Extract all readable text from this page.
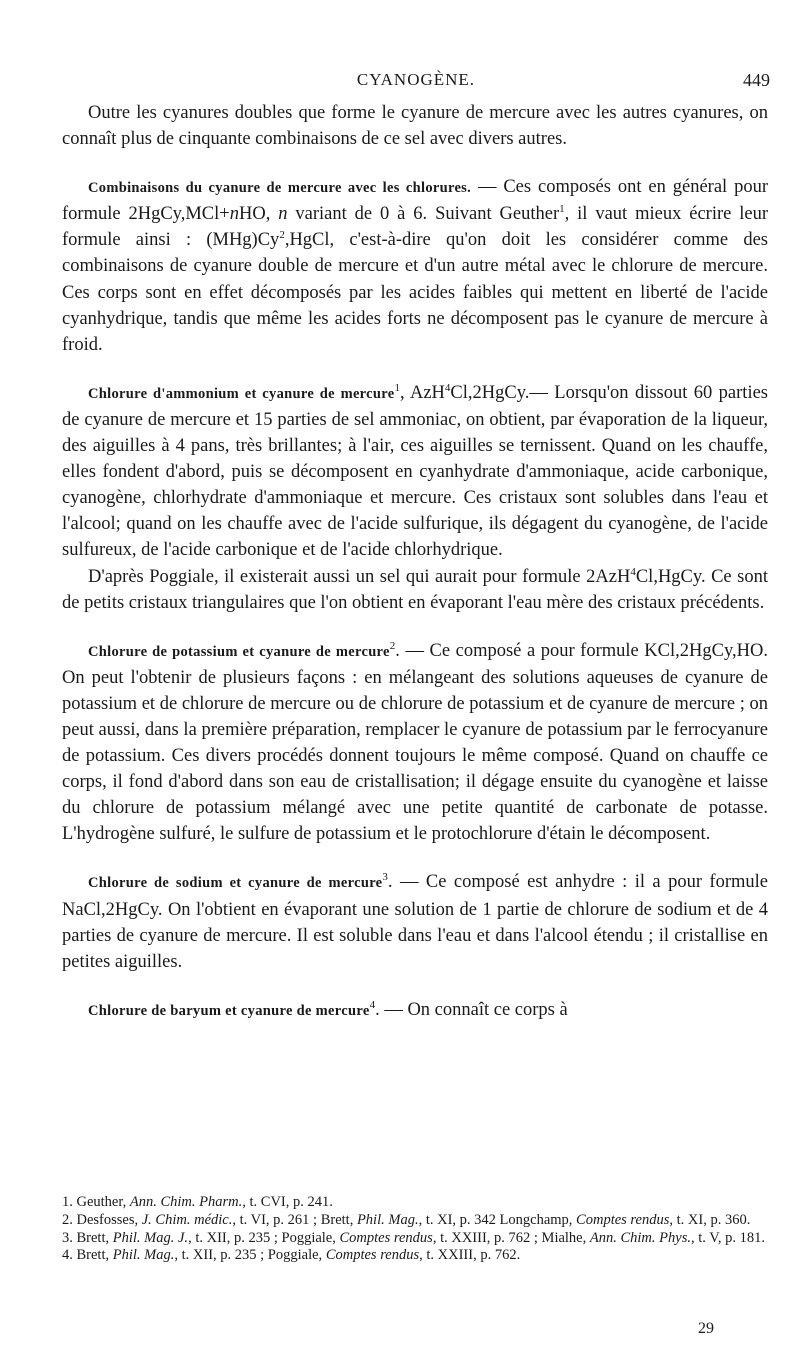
CYANOGÈNE.	449

Outre les cyanures doubles que forme le cyanure de mercure avec les autres cyanures, on connaît plus de cinquante combinaisons de ce sel avec divers autres.

Combinaisons du cyanure de mercure avec les chlorures. — Ces composés ont en général pour formule 2HgCy,MCl+nHO, n variant de 0 à 6. Suivant Geuther$^1$, il vaut mieux écrire leur formule ainsi : (MHg)Cy$^2$,HgCl, c'est-à-dire qu'on doit les considérer comme des combinaisons de cyanure double de mercure et d'un autre métal avec le chlorure de mercure. Ces corps sont en effet décomposés par les acides faibles qui mettent en liberté de l'acide cyanhydrique, tandis que même les acides forts ne décomposent pas le cyanure de mercure à froid.

Chlorure d'ammonium et cyanure de mercure$^1$, AzH$^4$Cl,2HgCy.— Lorsqu'on dissout 60 parties de cyanure de mercure et 15 parties de sel ammoniac, on obtient, par évaporation de la liqueur, des aiguilles à 4 pans, très brillantes; à l'air, ces aiguilles se ternissent. Quand on les chauffe, elles fondent d'abord, puis se décomposent en cyanhydrate d'ammoniaque, acide carbonique, cyanogène, chlorhydrate d'ammoniaque et mercure. Ces cristaux sont solubles dans l'eau et l'alcool; quand on les chauffe avec de l'acide sulfurique, ils dégagent du cyanogène, de l'acide sulfureux, de l'acide carbonique et de l'acide chlorhydrique.

D'après Poggiale, il existerait aussi un sel qui aurait pour formule 2AzH$^4$Cl,HgCy. Ce sont de petits cristaux triangulaires que l'on obtient en évaporant l'eau mère des cristaux précédents.

Chlorure de potassium et cyanure de mercure$^2$. — Ce composé a pour formule KCl,2HgCy,HO. On peut l'obtenir de plusieurs façons : en mélangeant des solutions aqueuses de cyanure de potassium et de chlorure de mercure ou de chlorure de potassium et de cyanure de mercure ; on peut aussi, dans la première préparation, remplacer le cyanure de potassium par le ferrocyanure de potassium. Ces divers procédés donnent toujours le même composé. Quand on chauffe ce corps, il fond d'abord dans son eau de cristallisation; il dégage ensuite du cyanogène et laisse du chlorure de potassium mélangé avec une petite quantité de carbonate de potasse. L'hydrogène sulfuré, le sulfure de potassium et le protochlorure d'étain le décomposent.

Chlorure de sodium et cyanure de mercure$^3$. — Ce composé est anhydre : il a pour formule NaCl,2HgCy. On l'obtient en évaporant une solution de 1 partie de chlorure de sodium et de 4 parties de cyanure de mercure. Il est soluble dans l'eau et dans l'alcool étendu ; il cristallise en petites aiguilles.

Chlorure de baryum et cyanure de mercure$^4$. — On connaît ce corps à

1. Geuther, Ann. Chim. Pharm., t. CVI, p. 241.

2. Desfosses, J. Chim. médic., t. VI, p. 261 ; Brett, Phil. Mag., t. XI, p. 342 Longchamp, Comptes rendus, t. XI, p. 360.

3. Brett, Phil. Mag. J., t. XII, p. 235 ; Poggiale, Comptes rendus, t. XXIII, p. 762 ; Mialhe, Ann. Chim. Phys., t. V, p. 181.

4. Brett, Phil. Mag., t. XII, p. 235 ; Poggiale, Comptes rendus, t. XXIII, p. 762.

29
